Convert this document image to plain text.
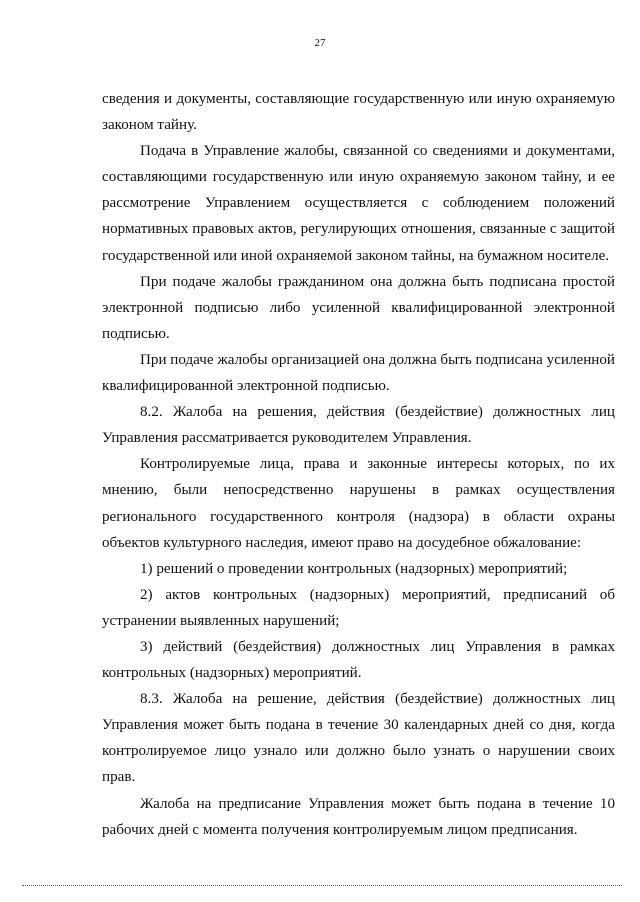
27

сведения и документы, составляющие государственную или иную охраняемую законом тайну.

Подача в Управление жалобы, связанной со сведениями и документами, составляющими государственную или иную охраняемую законом тайну, и ее рассмотрение Управлением осуществляется с соблюдением положений нормативных правовых актов, регулирующих отношения, связанные с защитой государственной или иной охраняемой законом тайны, на бумажном носителе.

При подаче жалобы гражданином она должна быть подписана простой электронной подписью либо усиленной квалифицированной электронной подписью.

При подаче жалобы организацией она должна быть подписана усиленной квалифицированной электронной подписью.

8.2. Жалоба на решения, действия (бездействие) должностных лиц Управления рассматривается руководителем Управления.

Контролируемые лица, права и законные интересы которых, по их мнению, были непосредственно нарушены в рамках осуществления регионального государственного контроля (надзора) в области охраны объектов культурного наследия, имеют право на досудебное обжалование:

1) решений о проведении контрольных (надзорных) мероприятий;

2) актов контрольных (надзорных) мероприятий, предписаний об устранении выявленных нарушений;

3) действий (бездействия) должностных лиц Управления в рамках контрольных (надзорных) мероприятий.

8.3. Жалоба на решение, действия (бездействие) должностных лиц Управления может быть подана в течение 30 календарных дней со дня, когда контролируемое лицо узнало или должно было узнать о нарушении своих прав.

Жалоба на предписание Управления может быть подана в течение 10 рабочих дней с момента получения контролируемым лицом предписания.
